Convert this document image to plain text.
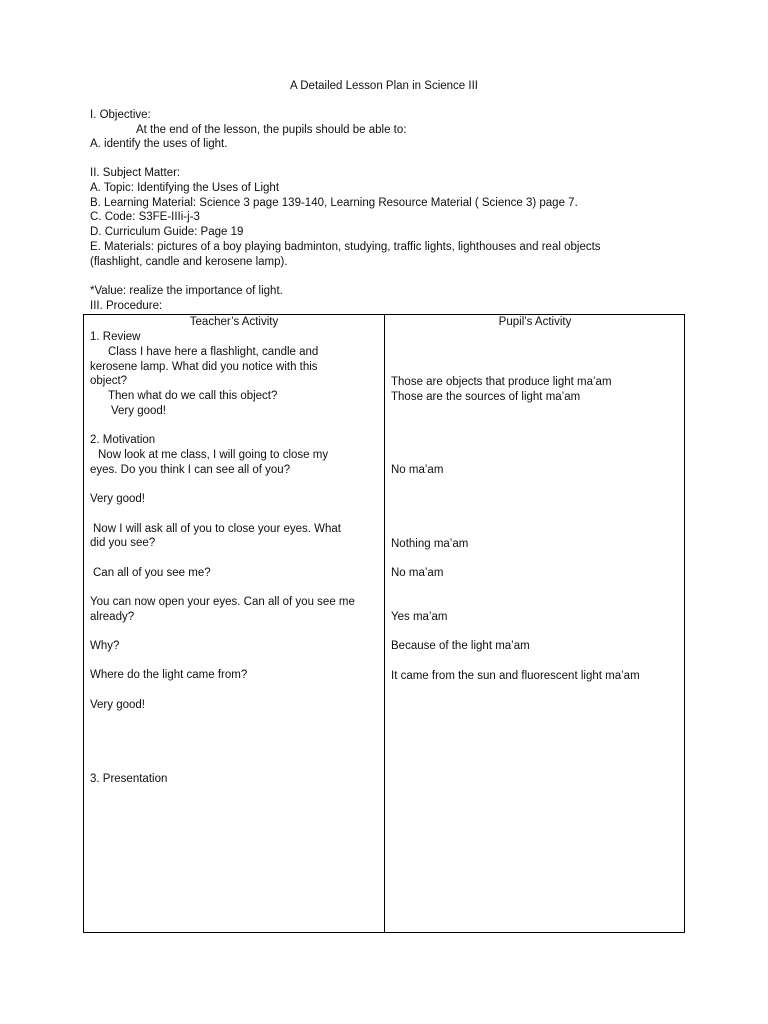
A Detailed Lesson Plan in Science III
I. Objective:
At the end of the lesson, the pupils should be able to:
A. identify the uses of light.
II. Subject Matter:
A. Topic: Identifying the Uses of Light
B. Learning Material: Science 3 page 139-140, Learning Resource Material ( Science 3) page 7.
C. Code: S3FE-IIIi-j-3
D. Curriculum Guide: Page 19
E. Materials: pictures of a boy playing badminton, studying, traffic lights, lighthouses and real objects
(flashlight, candle and kerosene lamp).
*Value: realize the importance of light.
III. Procedure:
Teacher’s Activity	Pupil’s Activity
1. Review
Class I have here a flashlight, candle and
kerosene lamp. What did you notice with this
object?
Then what do we call this object?
Very good!
2. Motivation
Now look at me class, I will going to close my
eyes. Do you think I can see all of you?
Very good!
Now I will ask all of you to close your eyes. What
did you see?
Can all of you see me?
You can now open your eyes. Can all of you see me
already?
Why?
Where do the light came from?
Very good!
3. Presentation
Those are objects that produce light ma’am
Those are the sources of light ma’am
No ma’am
Nothing ma’am
No ma’am
Yes ma’am
Because of the light ma’am
It came from the sun and fluorescent light ma’am
